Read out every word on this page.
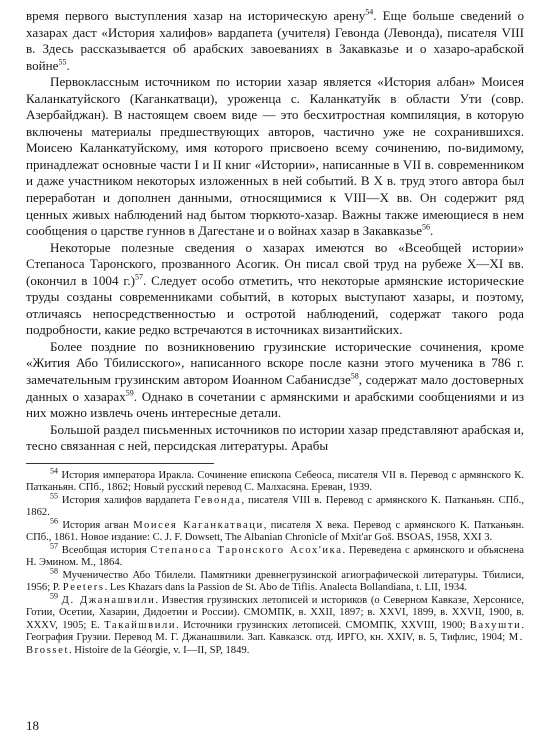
время первого выступления хазар на историческую арену$^{54}$. Еще больше сведений о хазарах даст «История халифов» вардапета (учителя) Гевонда (Левонда), писателя VIII в. Здесь рассказывается об арабских завоеваниях в Закавказье и о хазаро-арабской войне$^{55}$.

Первоклассным источником по истории хазар является «История албан» Моисея Каланкатуйского (Каганкатваци), уроженца с. Каланкатуйк в области Ути (совр. Азербайджан). В настоящем своем виде — это бесхитростная компиляция, в которую включены материалы предшествующих авторов, частично уже не сохранившихся. Моисею Каланкатуйскому, имя которого присвоено всему сочинению, по-видимому, принадлежат основные части I и II книг «Истории», написанные в VII в. современником и даже участником некоторых изложенных в ней событий. В X в. труд этого автора был переработан и дополнен данными, относящимися к VIII—X вв. Он содержит ряд ценных живых наблюдений над бытом тюркюто-хазар. Важны также имеющиеся в нем сообщения о царстве гуннов в Дагестане и о войнах хазар в Закавказье$^{56}$.

Некоторые полезные сведения о хазарах имеются во «Всеобщей истории» Степаноса Таронского, прозванного Асогик. Он писал свой труд на рубеже X—XI вв. (окончил в 1004 г.)$^{57}$. Следует особо отметить, что некоторые армянские исторические труды созданы современниками событий, в которых выступают хазары, и поэтому, отличаясь непосредственностью и остротой наблюдений, содержат такого рода подробности, какие редко встречаются в источниках византийских.

Более поздние по возникновению грузинские исторические сочинения, кроме «Жития Або Тбилисского», написанного вскоре после казни этого мученика в 786 г. замечательным грузинским автором Иоанном Сабанисдзе$^{58}$, содержат мало достоверных данных о хазарах$^{59}$. Однако в сочетании с армянскими и арабскими сообщениями и из них можно извлечь очень интересные детали.

Большой раздел письменных источников по истории хазар представляют арабская и, тесно связанная с ней, персидская литературы. Арабы

$^{54}$ История императора Иракла. Сочинение епископа Себеоса, писателя VII в. Перевод с армянского К. Патканьян. СПб., 1862; Новый русский перевод С. Малхасяна. Ереван, 1939.

$^{55}$ История халифов вардапета Гевонда, писателя VIII в. Перевод с армянского К. Патканьян. СПб., 1862.

$^{56}$ История агван Моисея Каганкатваци, писателя X века. Перевод с армянского К. Патканьян. СПб., 1861. Новое издание: C. J. F. Dowsett, The Albanian Chronicle of Mxit'ar Goš. BSOAS, 1958, XXI 3.

$^{57}$ Всеобщая история Степаноса Таронского Асох'ика. Переведена с армянского и объяснена Н. Эмином. М., 1864.

$^{58}$ Мученичество Або Тбилели. Памятники древнегрузинской агиографической литературы. Тбилиси, 1956; P. Peeters. Les Khazars dans la Passion de St. Abo de Tiflis. Analecta Bollandiana, t. LII, 1934.

$^{59}$ Д. Джанашвили. Известия грузинских летописей и историков (о Северном Кавказе, Херсонисе, Готии, Осетии, Хазарии, Дидоетии и России). СМОМПК, в. XXII, 1897; в. XXVI, 1899, в. XXVII, 1900, в. XXXV, 1905; Е. Такайшвили. Источники грузинских летописей. СМОМПК, XXVIII, 1900; Вахушти. География Грузии. Перевод М. Г. Джанашвили. Зап. Кавказск. отд. ИРГО, кн. XXIV, в. 5, Тифлис, 1904; M. Brosset. Histoire de la Géorgie, v. I—II, SP, 1849.

18
